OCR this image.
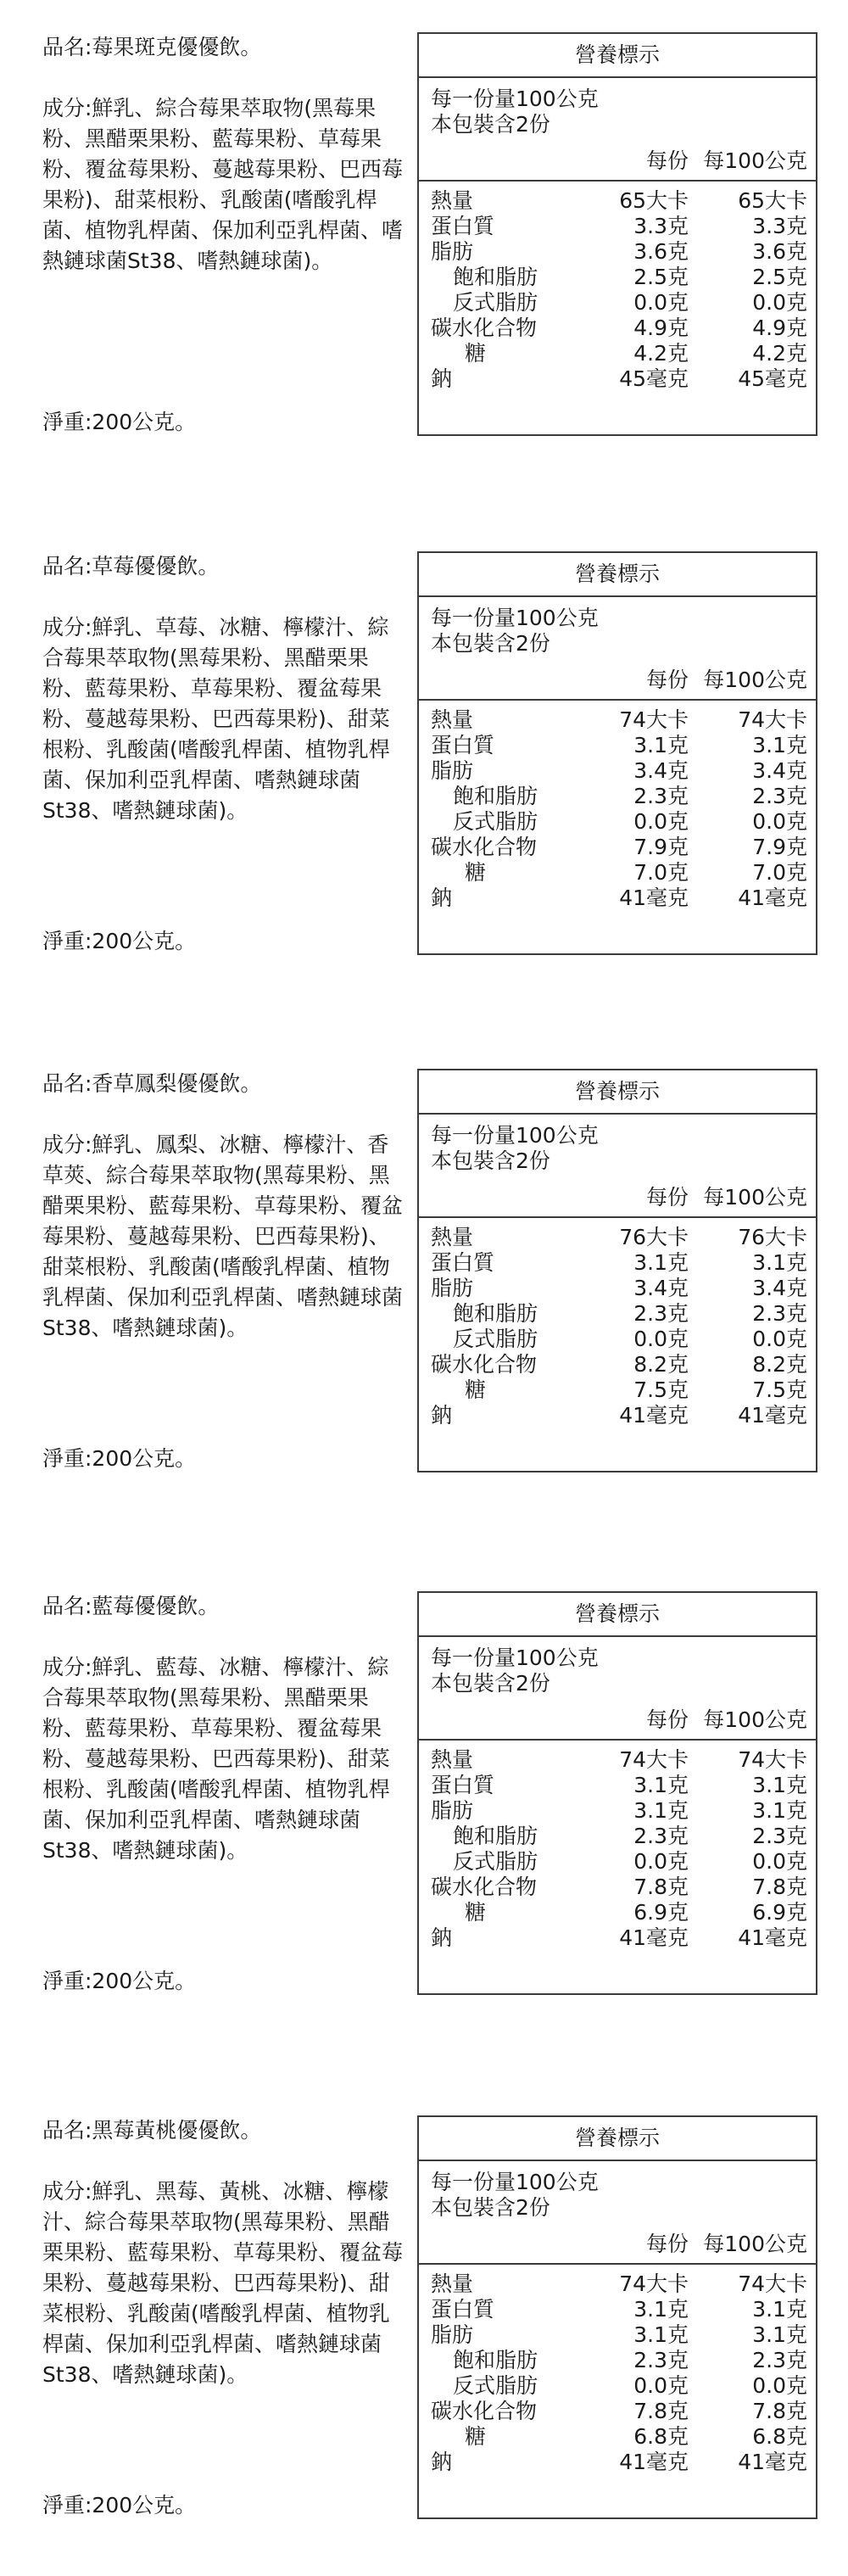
品名:莓果斑克優優飲。

成分:鮮乳、綜合莓果萃取物(黑莓果粉、黑醋栗果粉、藍莓果粉、草莓果粉、覆盆莓果粉、蔓越莓果粉、巴西莓果粉)、甜菜根粉、乳酸菌(嗜酸乳桿菌、植物乳桿菌、保加利亞乳桿菌、嗜熱鏈球菌St38、嗜熱鏈球菌)。

淨重:200公克。

營養標示
每一份量100公克
本包裝含2份
每份 每100公克
熱量	65大卡	65大卡
蛋白質	3.3克	3.3克
脂肪	3.6克	3.6克
飽和脂肪	2.5克	2.5克
反式脂肪	0.0克	0.0克
碳水化合物	4.9克	4.9克
糖	4.2克	4.2克
鈉	45毫克	45毫克

品名:草莓優優飲。

成分:鮮乳、草莓、冰糖、檸檬汁、綜合莓果萃取物(黑莓果粉、黑醋栗果粉、藍莓果粉、草莓果粉、覆盆莓果粉、蔓越莓果粉、巴西莓果粉)、甜菜根粉、乳酸菌(嗜酸乳桿菌、植物乳桿菌、保加利亞乳桿菌、嗜熱鏈球菌St38、嗜熱鏈球菌)。

淨重:200公克。

營養標示
每一份量100公克
本包裝含2份
每份 每100公克
熱量	74大卡	74大卡
蛋白質	3.1克	3.1克
脂肪	3.4克	3.4克
飽和脂肪	2.3克	2.3克
反式脂肪	0.0克	0.0克
碳水化合物	7.9克	7.9克
糖	7.0克	7.0克
鈉	41毫克	41毫克

品名:香草鳳梨優優飲。

成分:鮮乳、鳳梨、冰糖、檸檬汁、香草莢、綜合莓果萃取物(黑莓果粉、黑醋栗果粉、藍莓果粉、草莓果粉、覆盆莓果粉、蔓越莓果粉、巴西莓果粉)、甜菜根粉、乳酸菌(嗜酸乳桿菌、植物乳桿菌、保加利亞乳桿菌、嗜熱鏈球菌St38、嗜熱鏈球菌)。

淨重:200公克。

營養標示
每一份量100公克
本包裝含2份
每份 每100公克
熱量	76大卡	76大卡
蛋白質	3.1克	3.1克
脂肪	3.4克	3.4克
飽和脂肪	2.3克	2.3克
反式脂肪	0.0克	0.0克
碳水化合物	8.2克	8.2克
糖	7.5克	7.5克
鈉	41毫克	41毫克

品名:藍莓優優飲。

成分:鮮乳、藍莓、冰糖、檸檬汁、綜合莓果萃取物(黑莓果粉、黑醋栗果粉、藍莓果粉、草莓果粉、覆盆莓果粉、蔓越莓果粉、巴西莓果粉)、甜菜根粉、乳酸菌(嗜酸乳桿菌、植物乳桿菌、保加利亞乳桿菌、嗜熱鏈球菌St38、嗜熱鏈球菌)。

淨重:200公克。

營養標示
每一份量100公克
本包裝含2份
每份 每100公克
熱量	74大卡	74大卡
蛋白質	3.1克	3.1克
脂肪	3.1克	3.1克
飽和脂肪	2.3克	2.3克
反式脂肪	0.0克	0.0克
碳水化合物	7.8克	7.8克
糖	6.9克	6.9克
鈉	41毫克	41毫克

品名:黑莓黃桃優優飲。

成分:鮮乳、黑莓、黃桃、冰糖、檸檬汁、綜合莓果萃取物(黑莓果粉、黑醋栗果粉、藍莓果粉、草莓果粉、覆盆莓果粉、蔓越莓果粉、巴西莓果粉)、甜菜根粉、乳酸菌(嗜酸乳桿菌、植物乳桿菌、保加利亞乳桿菌、嗜熱鏈球菌St38、嗜熱鏈球菌)。

淨重:200公克。

營養標示
每一份量100公克
本包裝含2份
每份 每100公克
熱量	74大卡	74大卡
蛋白質	3.1克	3.1克
脂肪	3.1克	3.1克
飽和脂肪	2.3克	2.3克
反式脂肪	0.0克	0.0克
碳水化合物	7.8克	7.8克
糖	6.8克	6.8克
鈉	41毫克	41毫克
